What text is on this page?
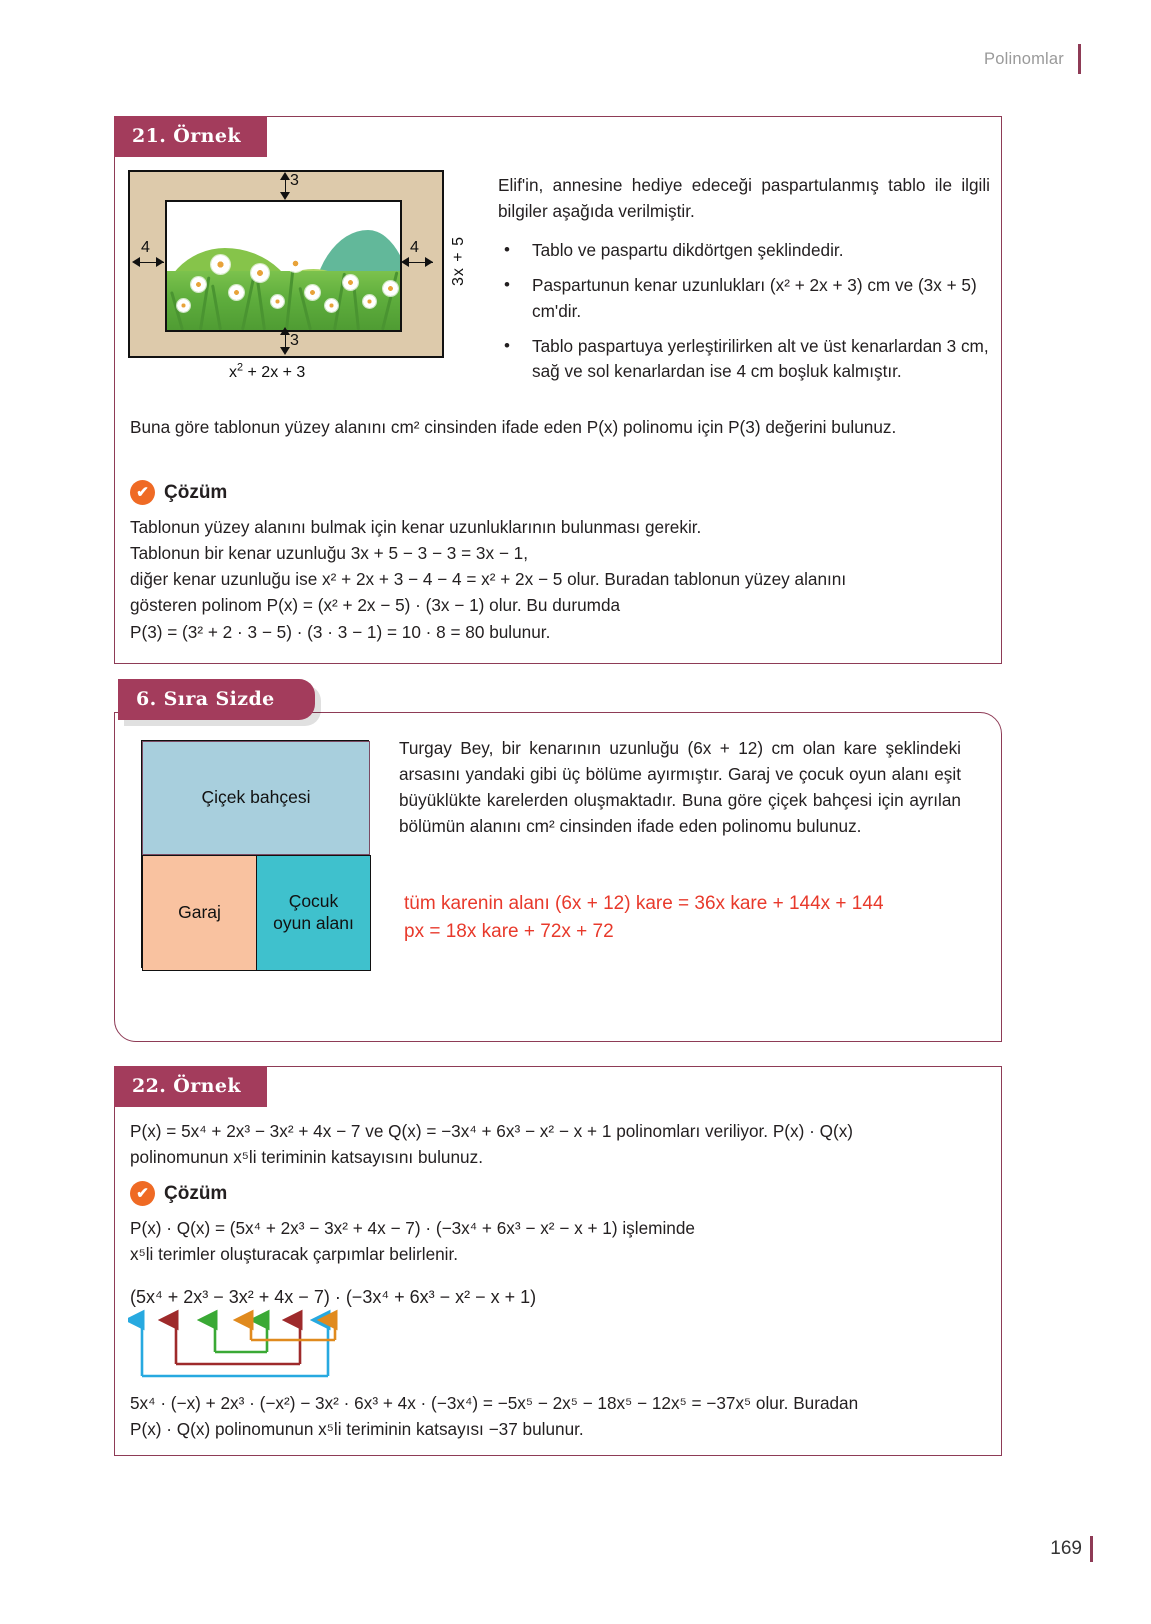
Polinomlar
21. Örnek
3
3
4	4 3x + 5
$x^2 + 2x + 3$
Elif'in, annesine hediye edeceği paspartulanmış tablo ile ilgili bilgiler aşağıda verilmiştir.
• Tablo ve paspartu dikdörtgen şeklindedir.
• Paspartunun kenar uzunlukları (x² + 2x + 3) cm ve (3x + 5) cm'dir.
• Tablo paspartuya yerleştirilirken alt ve üst kenarlardan 3 cm, sağ ve sol kenarlardan ise 4 cm boşluk kalmıştır.
Buna göre tablonun yüzey alanını cm² cinsinden ifade eden P(x) polinomu için P(3) değerini bulunuz.
✔ Çözüm
Tablonun yüzey alanını bulmak için kenar uzunluklarının bulunması gerekir.
Tablonun bir kenar uzunluğu 3x + 5 − 3 − 3 = 3x − 1,
diğer kenar uzunluğu ise x² + 2x + 3 − 4 − 4 = x² + 2x − 5 olur. Buradan tablonun yüzey alanını
gösteren polinom P(x) = (x² + 2x − 5) · (3x − 1) olur. Bu durumda
P(3) = (3² + 2 · 3 − 5) · (3 · 3 − 1) = 10 · 8 = 80 bulunur.
6. Sıra Sizde
Çiçek bahçesi
Garaj
Çocuk
oyun alanı
Turgay Bey, bir kenarının uzunluğu (6x + 12) cm olan kare şeklindeki arsasını yandaki gibi üç bölüme ayırmıştır. Garaj ve çocuk oyun alanı eşit büyüklükte karelerden oluşmaktadır. Buna göre çiçek bahçesi için ayrılan bölümün alanını cm² cinsinden ifade eden polinomu bulunuz.
tüm karenin alanı (6x + 12) kare = 36x kare + 144x + 144
px = 18x kare + 72x + 72
22. Örnek
P(x) = 5x⁴ + 2x³ − 3x² + 4x − 7 ve Q(x) = −3x⁴ + 6x³ − x² − x + 1 polinomları veriliyor. P(x) · Q(x)
polinomunun x⁵li teriminin katsayısını bulunuz.
✔ Çözüm
P(x) · Q(x) = (5x⁴ + 2x³ − 3x² + 4x − 7) · (−3x⁴ + 6x³ − x² − x + 1) işleminde
x⁵li terimler oluşturacak çarpımlar belirlenir.
(5x⁴ + 2x³ − 3x² + 4x − 7) · (−3x⁴ + 6x³ − x² − x + 1)
5x⁴ · (−x) + 2x³ · (−x²) − 3x² · 6x³ + 4x · (−3x⁴) = −5x⁵ − 2x⁵ − 18x⁵ − 12x⁵ = −37x⁵ olur. Buradan
P(x) · Q(x) polinomunun x⁵li teriminin katsayısı −37 bulunur.
169
